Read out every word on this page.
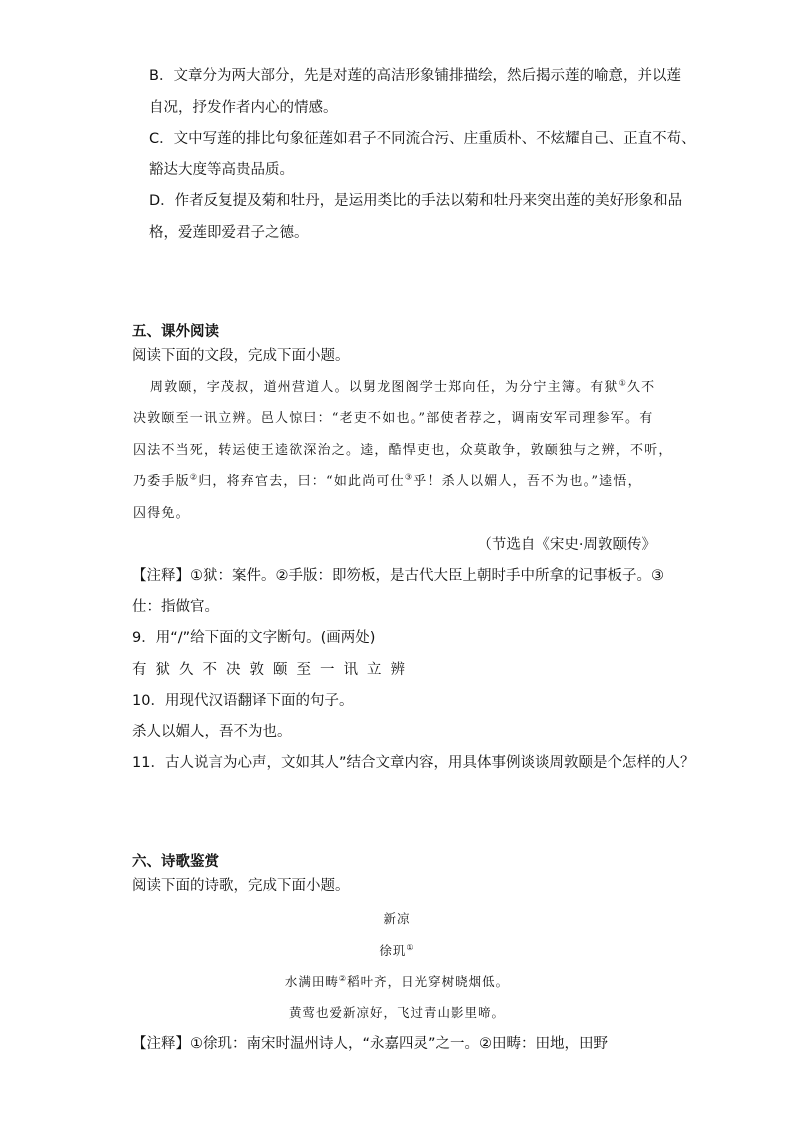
B．文章分为两大部分，先是对莲的高洁形象铺排描绘，然后揭示莲的喻意，并以莲
自况，抒发作者内心的情感。
C．文中写莲的排比句象征莲如君子不同流合污、庄重质朴、不炫耀自己、正直不苟、
豁达大度等高贵品质。
D．作者反复提及菊和牡丹，是运用类比的手法以菊和牡丹来突出莲的美好形象和品
格，爱莲即爱君子之德。
五、课外阅读
阅读下面的文段，完成下面小题。
周敦颐，字茂叔，道州营道人。以舅龙图阁学士郑向任，为分宁主簿。有狱①久不
决敦颐至一讯立辨。邑人惊曰：“老吏不如也。”部使者荐之，调南安军司理参军。有
囚法不当死，转运使王逵欲深治之。逵，酷悍吏也，众莫敢争，敦颐独与之辨，不听，
乃委手版②归，将弃官去，曰：“如此尚可仕③乎！杀人以媚人，吾不为也。”逵悟，
囚得免。
（节选自《宋史·周敦颐传》
【注释】①狱：案件。②手版：即笏板，是古代大臣上朝时手中所拿的记事板子。③
仕：指做官。
9．用“/”给下面的文字断句。(画两处)
有狱久不决敦颐至一讯立辨
10．用现代汉语翻译下面的句子。
杀人以媚人，吾不为也。
11．古人说言为心声，文如其人”结合文章内容，用具体事例谈谈周敦颐是个怎样的人？
六、诗歌鉴赏
阅读下面的诗歌，完成下面小题。
新凉
徐玑①
水满田畴②稻叶齐，日光穿树晓烟低。
黄莺也爱新凉好，飞过青山影里啼。
【注释】①徐玑：南宋时温州诗人，“永嘉四灵”之一。②田畴：田地，田野
